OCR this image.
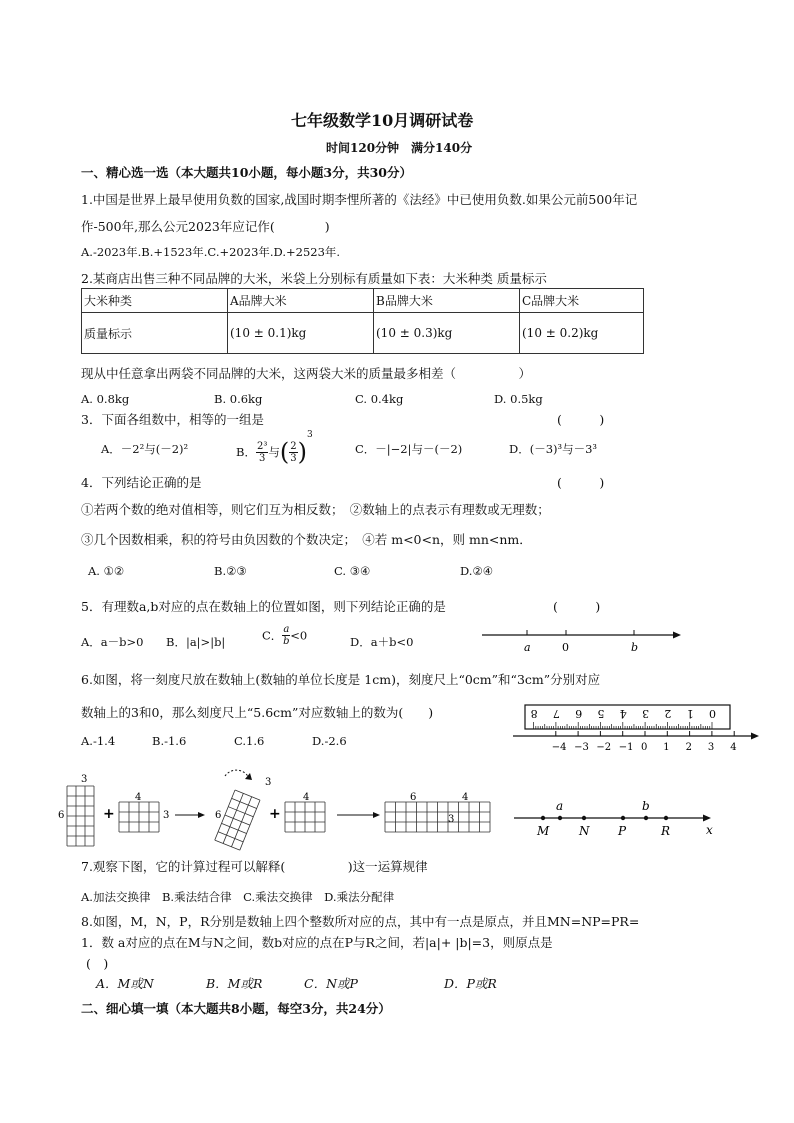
七年级数学10月调研试卷
时间120分钟　满分140分
一、精心选一选（本大题共10小题，每小题3分，共30分）
1.中国是世界上最早使用负数的国家,战国时期李悝所著的《法经》中已使用负数.如果公元前500年记
作-500年,那么公元2023年应记作(　　　　)
A.-2023年.B.+1523年.C.+2023年.D.+2523年.
2.某商店出售三种不同品牌的大米，米袋上分别标有质量如下表：大米种类 质量标示
大米种类	A品牌大米	B品牌大米	C品牌大米
质量标示	(10 ± 0.1)kg	(10 ± 0.3)kg	(10 ± 0.2)kg
现从中任意拿出两袋不同品牌的大米，这两袋大米的质量最多相差（　　　　　）
A. 0.8kg	B. 0.6kg	C. 0.4kg	D. 0.5kg
3．下面各组数中，相等的一组是	(　　　)
A．－2²与(－2)²	B． $\frac{\text{2³}}{3}$ 与( $\frac{2}{3} )^3$
C．－|−2|与－(－2)	D．(－3)³与－3³
4．下列结论正确的是	(　　　)
①若两个数的绝对值相等，则它们互为相反数；　②数轴上的点表示有理数或无理数；
③几个因数相乘，积的符号由负因数的个数决定；　④若 m<0<n，则 mn<nm．
A. ①②	B.②③	C. ③④	D.②④
5．有理数a,b对应的点在数轴上的位置如图，则下列结论正确的是	(　　　)
A．a－b>0 B．|a|>|b|	C． $\frac{a}{b} <0$	D．a＋b<0	a	0	b
6.如图，将一刻度尺放在数轴上(数轴的单位长度是 1cm)，刻度尺上“0cm”和“3cm”分别对应
数轴上的3和0，那么刻度尺上“5.6cm”对应数轴上的数为(　　)
A.-1.4	B.-1.6	C.1.6	D.-2.6
8 7 6 5 4 3 2 1 0
−4 −3 −2 −1 0 1 2 3 4
3
6	+
4
3	6
3
+
4	6	4
3
a	b
M N P	R	x
7.观察下图，它的计算过程可以解释(　　　　　)这一运算规律
A.加法交换律　B.乘法结合律　C.乘法交换律　D.乘法分配律
8.如图，M，N，P，R分别是数轴上四个整数所对应的点，其中有一点是原点，并且MN=NP=PR=
1．数 a对应的点在M与N之间，数b对应的点在P与R之间，若|a|+ |b|=3，则原点是
(　)
A．M或N	B．M或R	C．N或P	D．P或R
二、细心填一填（本大题共8小题，每空3分，共24分）
